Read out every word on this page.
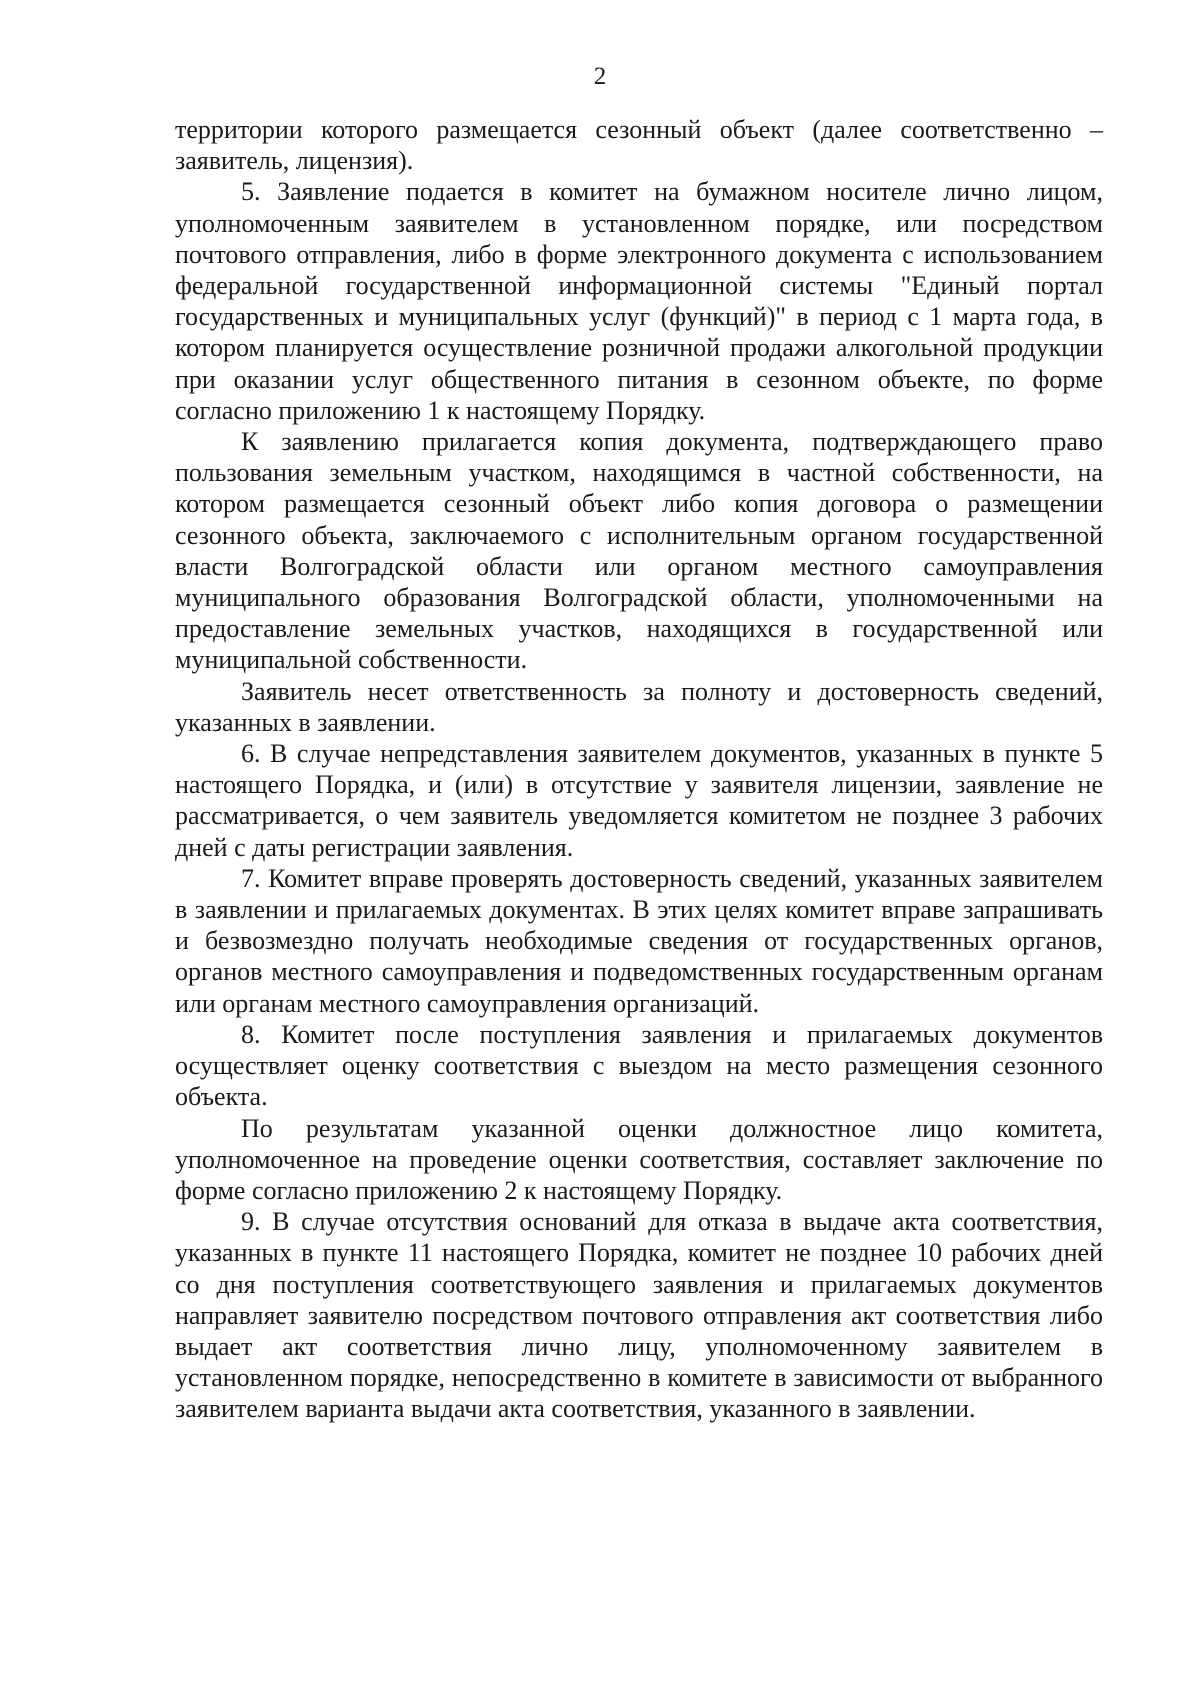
2

территории которого размещается сезонный объект (далее соответственно – заявитель, лицензия).

5. Заявление подается в комитет на бумажном носителе лично лицом, уполномоченным заявителем в установленном порядке, или посредством почтового отправления, либо в форме электронного документа с использованием федеральной государственной информационной системы "Единый портал государственных и муниципальных услуг (функций)" в период с 1 марта года, в котором планируется осуществление розничной продажи алкогольной продукции при оказании услуг общественного питания в сезонном объекте, по форме согласно приложению 1 к настоящему Порядку.

К заявлению прилагается копия документа, подтверждающего право пользования земельным участком, находящимся в частной собственности, на котором размещается сезонный объект либо копия договора о размещении сезонного объекта, заключаемого с исполнительным органом государственной власти Волгоградской области или органом местного самоуправления муниципального образования Волгоградской области, уполномоченными на предоставление земельных участков, находящихся в государственной или муниципальной собственности.

Заявитель несет ответственность за полноту и достоверность сведений, указанных в заявлении.

6. В случае непредставления заявителем документов, указанных в пункте 5 настоящего Порядка, и (или) в отсутствие у заявителя лицензии, заявление не рассматривается, о чем заявитель уведомляется комитетом не позднее 3 рабочих дней с даты регистрации заявления.

7. Комитет вправе проверять достоверность сведений, указанных заявителем в заявлении и прилагаемых документах. В этих целях комитет вправе запрашивать и безвозмездно получать необходимые сведения от государственных органов, органов местного самоуправления и подведомственных государственным органам или органам местного самоуправления организаций.

8. Комитет после поступления заявления и прилагаемых документов осуществляет оценку соответствия с выездом на место размещения сезонного объекта.

По результатам указанной оценки должностное лицо комитета, уполномоченное на проведение оценки соответствия, составляет заключение по форме согласно приложению 2 к настоящему Порядку.

9. В случае отсутствия оснований для отказа в выдаче акта соответствия, указанных в пункте 11 настоящего Порядка, комитет не позднее 10 рабочих дней со дня поступления соответствующего заявления и прилагаемых документов направляет заявителю посредством почтового отправления акт соответствия либо выдает акт соответствия лично лицу, уполномоченному заявителем в установленном порядке, непосредственно в комитете в зависимости от выбранного заявителем варианта выдачи акта соответствия, указанного в заявлении.
